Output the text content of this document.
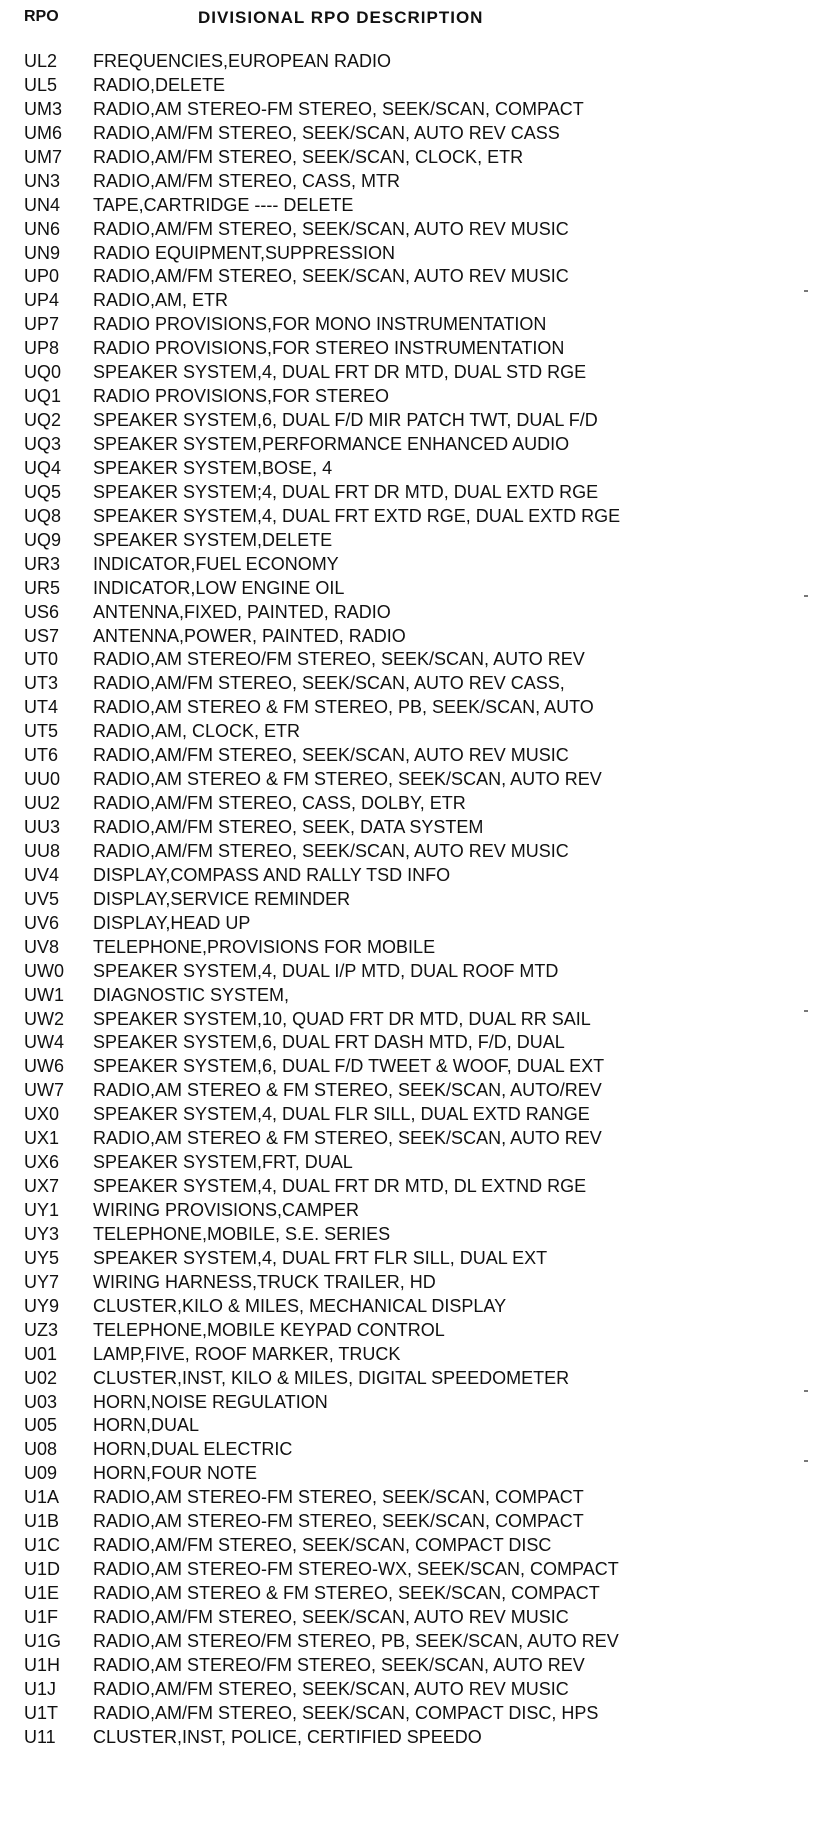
RPO	DIVISIONAL RPO DESCRIPTION
UL2	FREQUENCIES,EUROPEAN RADIO
UL5	RADIO,DELETE
UM3	RADIO,AM STEREO-FM STEREO, SEEK/SCAN, COMPACT
UM6	RADIO,AM/FM STEREO, SEEK/SCAN, AUTO REV CASS
UM7	RADIO,AM/FM STEREO, SEEK/SCAN, CLOCK, ETR
UN3	RADIO,AM/FM STEREO, CASS, MTR
UN4	TAPE,CARTRIDGE ---- DELETE
UN6	RADIO,AM/FM STEREO, SEEK/SCAN, AUTO REV MUSIC
UN9	RADIO EQUIPMENT,SUPPRESSION
UP0	RADIO,AM/FM STEREO, SEEK/SCAN, AUTO REV MUSIC
UP4	RADIO,AM, ETR
UP7	RADIO PROVISIONS,FOR MONO INSTRUMENTATION
UP8	RADIO PROVISIONS,FOR STEREO INSTRUMENTATION
UQ0	SPEAKER SYSTEM,4, DUAL FRT DR MTD, DUAL STD RGE
UQ1	RADIO PROVISIONS,FOR STEREO
UQ2	SPEAKER SYSTEM,6, DUAL F/D MIR PATCH TWT, DUAL F/D
UQ3	SPEAKER SYSTEM,PERFORMANCE ENHANCED AUDIO
UQ4	SPEAKER SYSTEM,BOSE, 4
UQ5	SPEAKER SYSTEM;4, DUAL FRT DR MTD, DUAL EXTD RGE
UQ8	SPEAKER SYSTEM,4, DUAL FRT EXTD RGE, DUAL EXTD RGE
UQ9	SPEAKER SYSTEM,DELETE
UR3	INDICATOR,FUEL ECONOMY
UR5	INDICATOR,LOW ENGINE OIL
US6	ANTENNA,FIXED, PAINTED, RADIO
US7	ANTENNA,POWER, PAINTED, RADIO
UT0	RADIO,AM STEREO/FM STEREO, SEEK/SCAN, AUTO REV
UT3	RADIO,AM/FM STEREO, SEEK/SCAN, AUTO REV CASS,
UT4	RADIO,AM STEREO & FM STEREO, PB, SEEK/SCAN, AUTO
UT5	RADIO,AM, CLOCK, ETR
UT6	RADIO,AM/FM STEREO, SEEK/SCAN, AUTO REV MUSIC
UU0	RADIO,AM STEREO & FM STEREO, SEEK/SCAN, AUTO REV
UU2	RADIO,AM/FM STEREO, CASS, DOLBY, ETR
UU3	RADIO,AM/FM STEREO, SEEK, DATA SYSTEM
UU8	RADIO,AM/FM STEREO, SEEK/SCAN, AUTO REV MUSIC
UV4	DISPLAY,COMPASS AND RALLY TSD INFO
UV5	DISPLAY,SERVICE REMINDER
UV6	DISPLAY,HEAD UP
UV8	TELEPHONE,PROVISIONS FOR MOBILE
UW0	SPEAKER SYSTEM,4, DUAL I/P MTD, DUAL ROOF MTD
UW1	DIAGNOSTIC SYSTEM,
UW2	SPEAKER SYSTEM,10, QUAD FRT DR MTD, DUAL RR SAIL
UW4	SPEAKER SYSTEM,6, DUAL FRT DASH MTD, F/D, DUAL
UW6	SPEAKER SYSTEM,6, DUAL F/D TWEET & WOOF, DUAL EXT
UW7	RADIO,AM STEREO & FM STEREO, SEEK/SCAN, AUTO/REV
UX0	SPEAKER SYSTEM,4, DUAL FLR SILL, DUAL EXTD RANGE
UX1	RADIO,AM STEREO & FM STEREO, SEEK/SCAN, AUTO REV
UX6	SPEAKER SYSTEM,FRT, DUAL
UX7	SPEAKER SYSTEM,4, DUAL FRT DR MTD, DL EXTND RGE
UY1	WIRING PROVISIONS,CAMPER
UY3	TELEPHONE,MOBILE, S.E. SERIES
UY5	SPEAKER SYSTEM,4, DUAL FRT FLR SILL, DUAL EXT
UY7	WIRING HARNESS,TRUCK TRAILER, HD
UY9	CLUSTER,KILO & MILES, MECHANICAL DISPLAY
UZ3	TELEPHONE,MOBILE KEYPAD CONTROL
U01	LAMP,FIVE, ROOF MARKER, TRUCK
U02	CLUSTER,INST, KILO & MILES, DIGITAL SPEEDOMETER
U03	HORN,NOISE REGULATION
U05	HORN,DUAL
U08	HORN,DUAL ELECTRIC
U09	HORN,FOUR NOTE
U1A	RADIO,AM STEREO-FM STEREO, SEEK/SCAN, COMPACT
U1B	RADIO,AM STEREO-FM STEREO, SEEK/SCAN, COMPACT
U1C	RADIO,AM/FM STEREO, SEEK/SCAN, COMPACT DISC
U1D	RADIO,AM STEREO-FM STEREO-WX, SEEK/SCAN, COMPACT
U1E	RADIO,AM STEREO & FM STEREO, SEEK/SCAN, COMPACT
U1F	RADIO,AM/FM STEREO, SEEK/SCAN, AUTO REV MUSIC
U1G	RADIO,AM STEREO/FM STEREO, PB, SEEK/SCAN, AUTO REV
U1H	RADIO,AM STEREO/FM STEREO, SEEK/SCAN, AUTO REV
U1J	RADIO,AM/FM STEREO, SEEK/SCAN, AUTO REV MUSIC
U1T	RADIO,AM/FM STEREO, SEEK/SCAN, COMPACT DISC, HPS
U11	CLUSTER,INST, POLICE, CERTIFIED SPEEDO
